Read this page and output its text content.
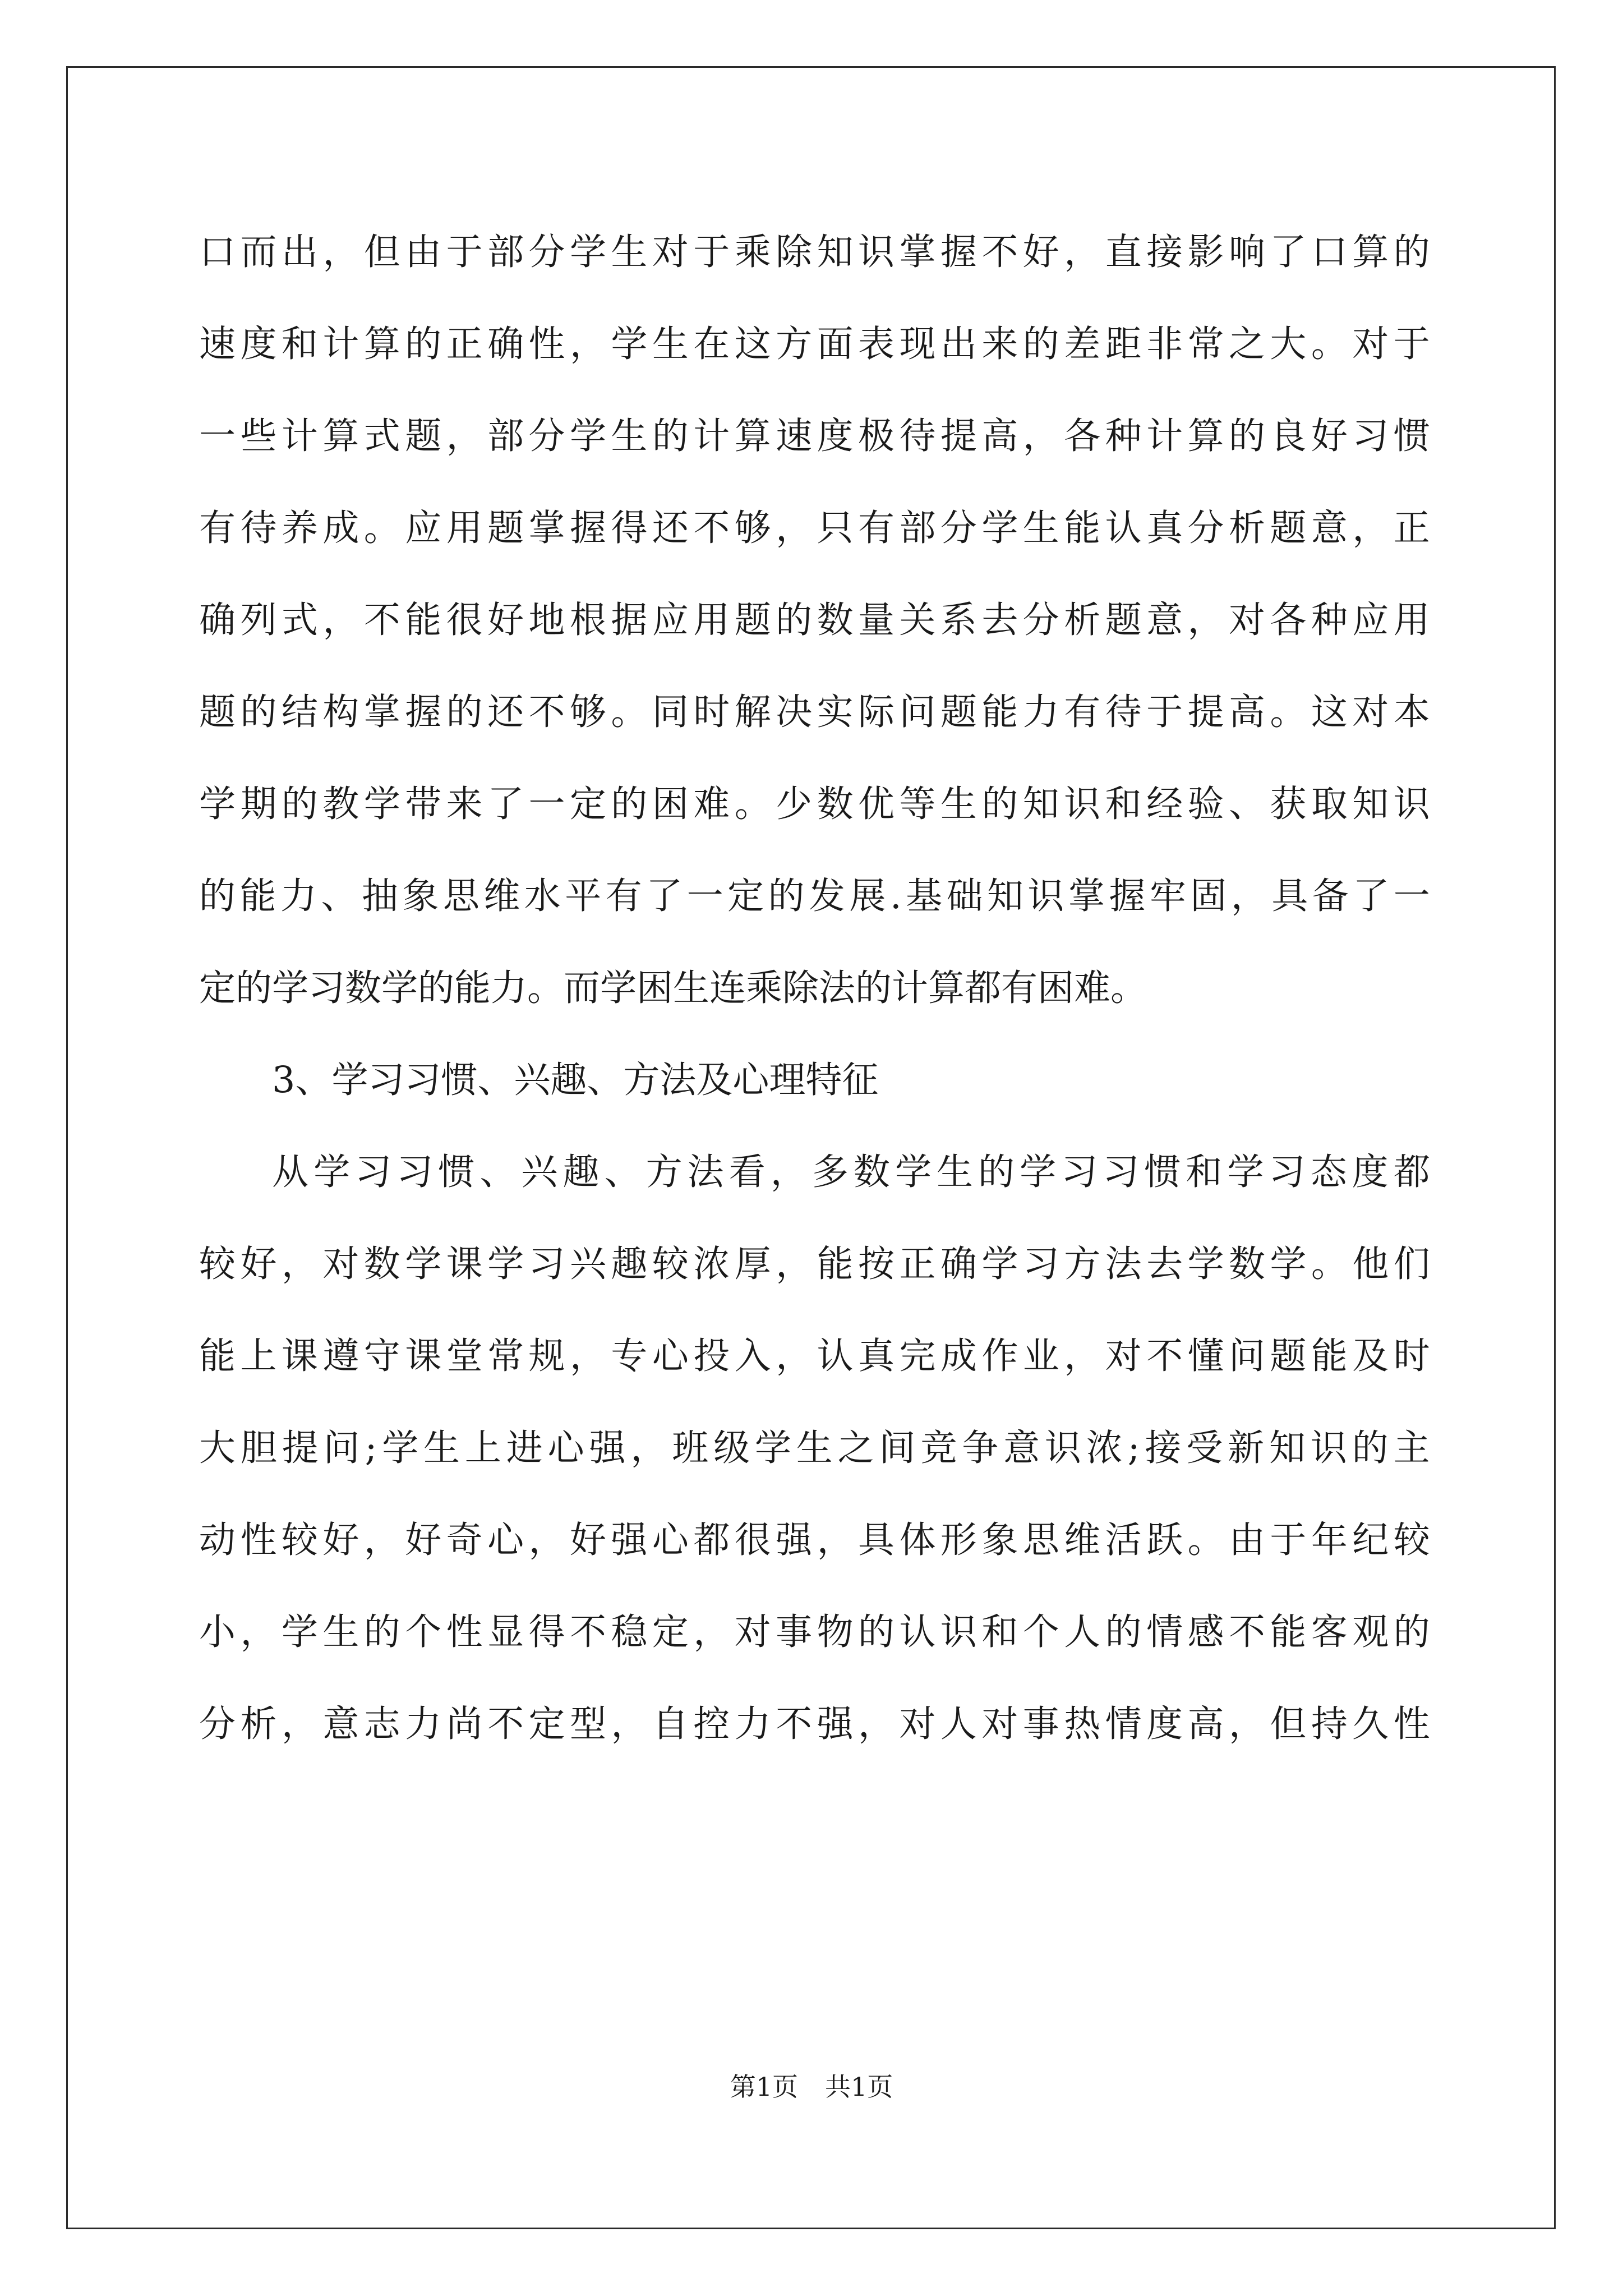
口 而 出 ， 但 由 于 部 分 学 生 对 于 乘 除 知 识 掌 握 不 好 ， 直 接 影 响 了 口 算 的
速 度 和 计 算 的 正 确 性 ， 学 生 在 这 方 面 表 现 出 来 的 差 距 非 常 之 大 。 对 于
一 些 计 算 式 题 ， 部 分 学 生 的 计 算 速 度 极 待 提 高 ， 各 种 计 算 的 良 好 习 惯
有 待 养 成 。 应 用 题 掌 握 得 还 不 够 ， 只 有 部 分 学 生 能 认 真 分 析 题 意 ， 正
确 列 式 ， 不 能 很 好 地 根 据 应 用 题 的 数 量 关 系 去 分 析 题 意 ， 对 各 种 应 用
题 的 结 构 掌 握 的 还 不 够 。 同 时 解 决 实 际 问 题 能 力 有 待 于 提 高 。 这 对 本
学 期 的 教 学 带 来 了 一 定 的 困 难 。 少 数 优 等 生 的 知 识 和 经 验 、 获 取 知 识
的 能 力 、 抽 象 思 维 水 平 有 了 一 定 的 发 展 . 基 础 知 识 掌 握 牢 固 ， 具 备 了 一
定的学习数学的能力。而学困生连乘除法的计算都有困难。
3、学习习惯、兴趣、方法及心理特征
从 学 习 习 惯 、 兴 趣 、 方 法 看 ， 多 数 学 生 的 学 习 习 惯 和 学 习 态 度 都
较 好 ， 对 数 学 课 学 习 兴 趣 较 浓 厚 ， 能 按 正 确 学 习 方 法 去 学 数 学 。 他 们
能 上 课 遵 守 课 堂 常 规 ， 专 心 投 入 ， 认 真 完 成 作 业 ， 对 不 懂 问 题 能 及 时
大 胆 提 问 ; 学 生 上 进 心 强 ， 班 级 学 生 之 间 竞 争 意 识 浓 ; 接 受 新 知 识 的 主
动 性 较 好 ， 好 奇 心 ， 好 强 心 都 很 强 ， 具 体 形 象 思 维 活 跃 。 由 于 年 纪 较
小 ， 学 生 的 个 性 显 得 不 稳 定 ， 对 事 物 的 认 识 和 个 人 的 情 感 不 能 客 观 的
分 析 ， 意 志 力 尚 不 定 型 ， 自 控 力 不 强 ， 对 人 对 事 热 情 度 高 ， 但 持 久 性
第1页 共1页
